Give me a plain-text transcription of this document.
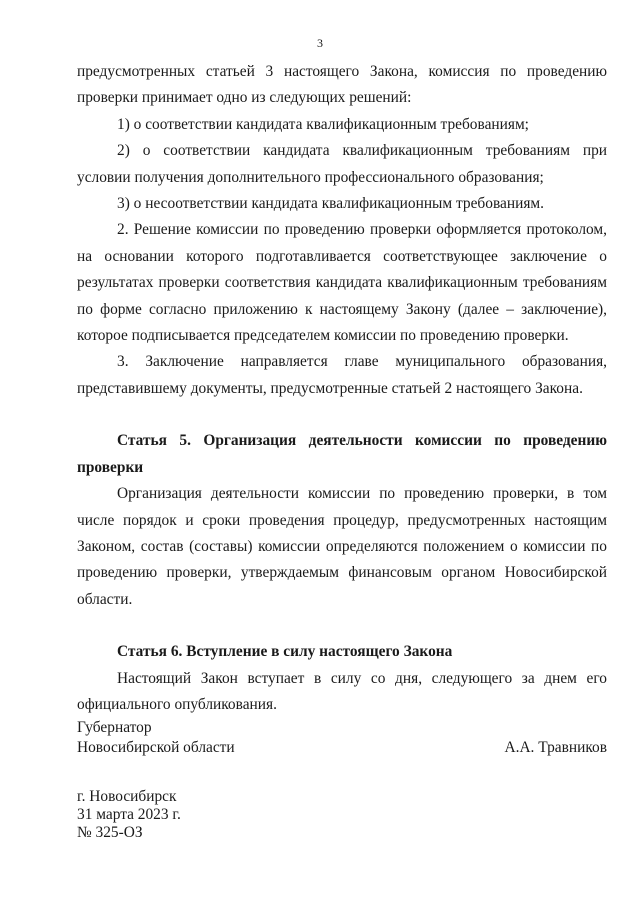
3

предусмотренных статьей 3 настоящего Закона, комиссия по проведению проверки принимает одно из следующих решений:

1) о соответствии кандидата квалификационным требованиям;

2) о соответствии кандидата квалификационным требованиям при условии получения дополнительного профессионального образования;

3) о несоответствии кандидата квалификационным требованиям.

2. Решение комиссии по проведению проверки оформляется протоколом, на основании которого подготавливается соответствующее заключение о результатах проверки соответствия кандидата квалификационным требованиям по форме согласно приложению к настоящему Закону (далее – заключение), которое подписывается председателем комиссии по проведению проверки.

3. Заключение направляется главе муниципального образования, представившему документы, предусмотренные статьей 2 настоящего Закона.

Статья 5. Организация деятельности комиссии по проведению проверки

Организация деятельности комиссии по проведению проверки, в том числе порядок и сроки проведения процедур, предусмотренных настоящим Законом, состав (составы) комиссии определяются положением о комиссии по проведению проверки, утверждаемым финансовым органом Новосибирской области.

Статья 6. Вступление в силу настоящего Закона

Настоящий Закон вступает в силу со дня, следующего за днем его официального опубликования.

Губернатор
Новосибирской области	А.А. Травников
г. Новосибирск
31 марта 2023 г.
№ 325-ОЗ
